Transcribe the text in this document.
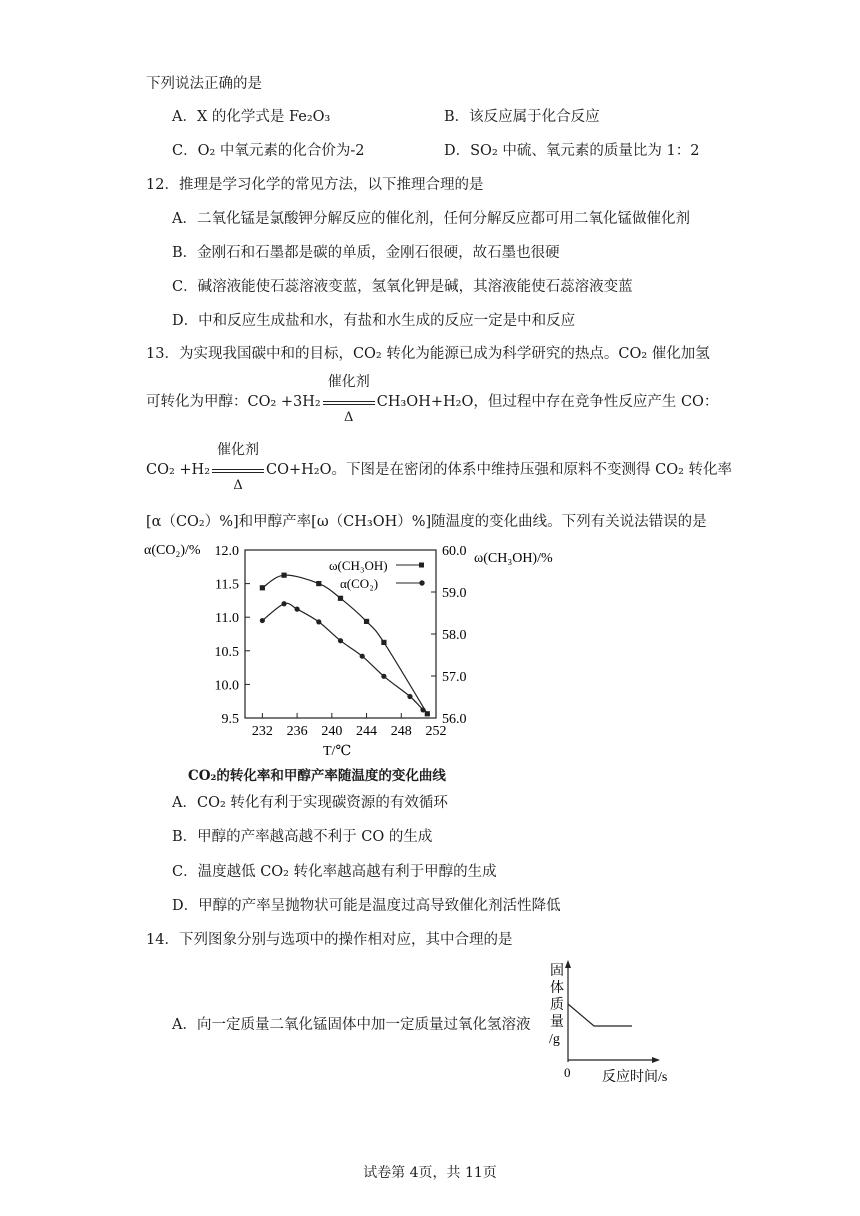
下列说法正确的是
A．X 的化学式是 Fe₂O₃	B．该反应属于化合反应
C．O₂ 中氧元素的化合价为-2	D．SO₂ 中硫、氧元素的质量比为 1：2
12．推理是学习化学的常见方法，以下推理合理的是
A．二氧化锰是氯酸钾分解反应的催化剂，任何分解反应都可用二氧化锰做催化剂
B．金刚石和石墨都是碳的单质，金刚石很硬，故石墨也很硬
C．碱溶液能使石蕊溶液变蓝，氢氧化钾是碱，其溶液能使石蕊溶液变蓝
D．中和反应生成盐和水，有盐和水生成的反应一定是中和反应
13．为实现我国碳中和的目标，CO₂ 转化为能源已成为科学研究的热点。CO₂ 催化加氢
可转化为甲醇：$CO_2 +3H_2 \frac{\text{催化剂}}{\Delta} CH_3OH+H_2O$，但过程中存在竞争性反应产生 CO：
$CO_2 +H_2 \frac{\text{催化剂}}{\Delta} CO+H_2O$。下图是在密闭的体系中维持压强和原料不变测得 CO₂ 转化率
[α（CO₂）%]和甲醇产率[ω（CH₃OH）%]随温度的变化曲线。下列有关说法错误的是
α(CO₂)/%
ω(CH₃OH)/%
9.5
10.0
10.5
11.0
11.5
12.0
56.0
57.0
58.0
59.0
60.0
232 236 240 244 248 252
ω(CH₃OH)
α(CO₂)
T/℃
CO₂的转化率和甲醇产率随温度的变化曲线
A．CO₂ 转化有利于实现碳资源的有效循环
B．甲醇的产率越高越不利于 CO 的生成
C．温度越低 CO₂ 转化率越高越有利于甲醇的生成
D．甲醇的产率呈抛物状可能是温度过高导致催化剂活性降低
14．下列图象分别与选项中的操作相对应，其中合理的是
A．向一定质量二氧化锰固体中加一定质量过氧化氢溶液
固
体
质
量
/g
0 反应时间/s
试卷第 4页，共 11页
